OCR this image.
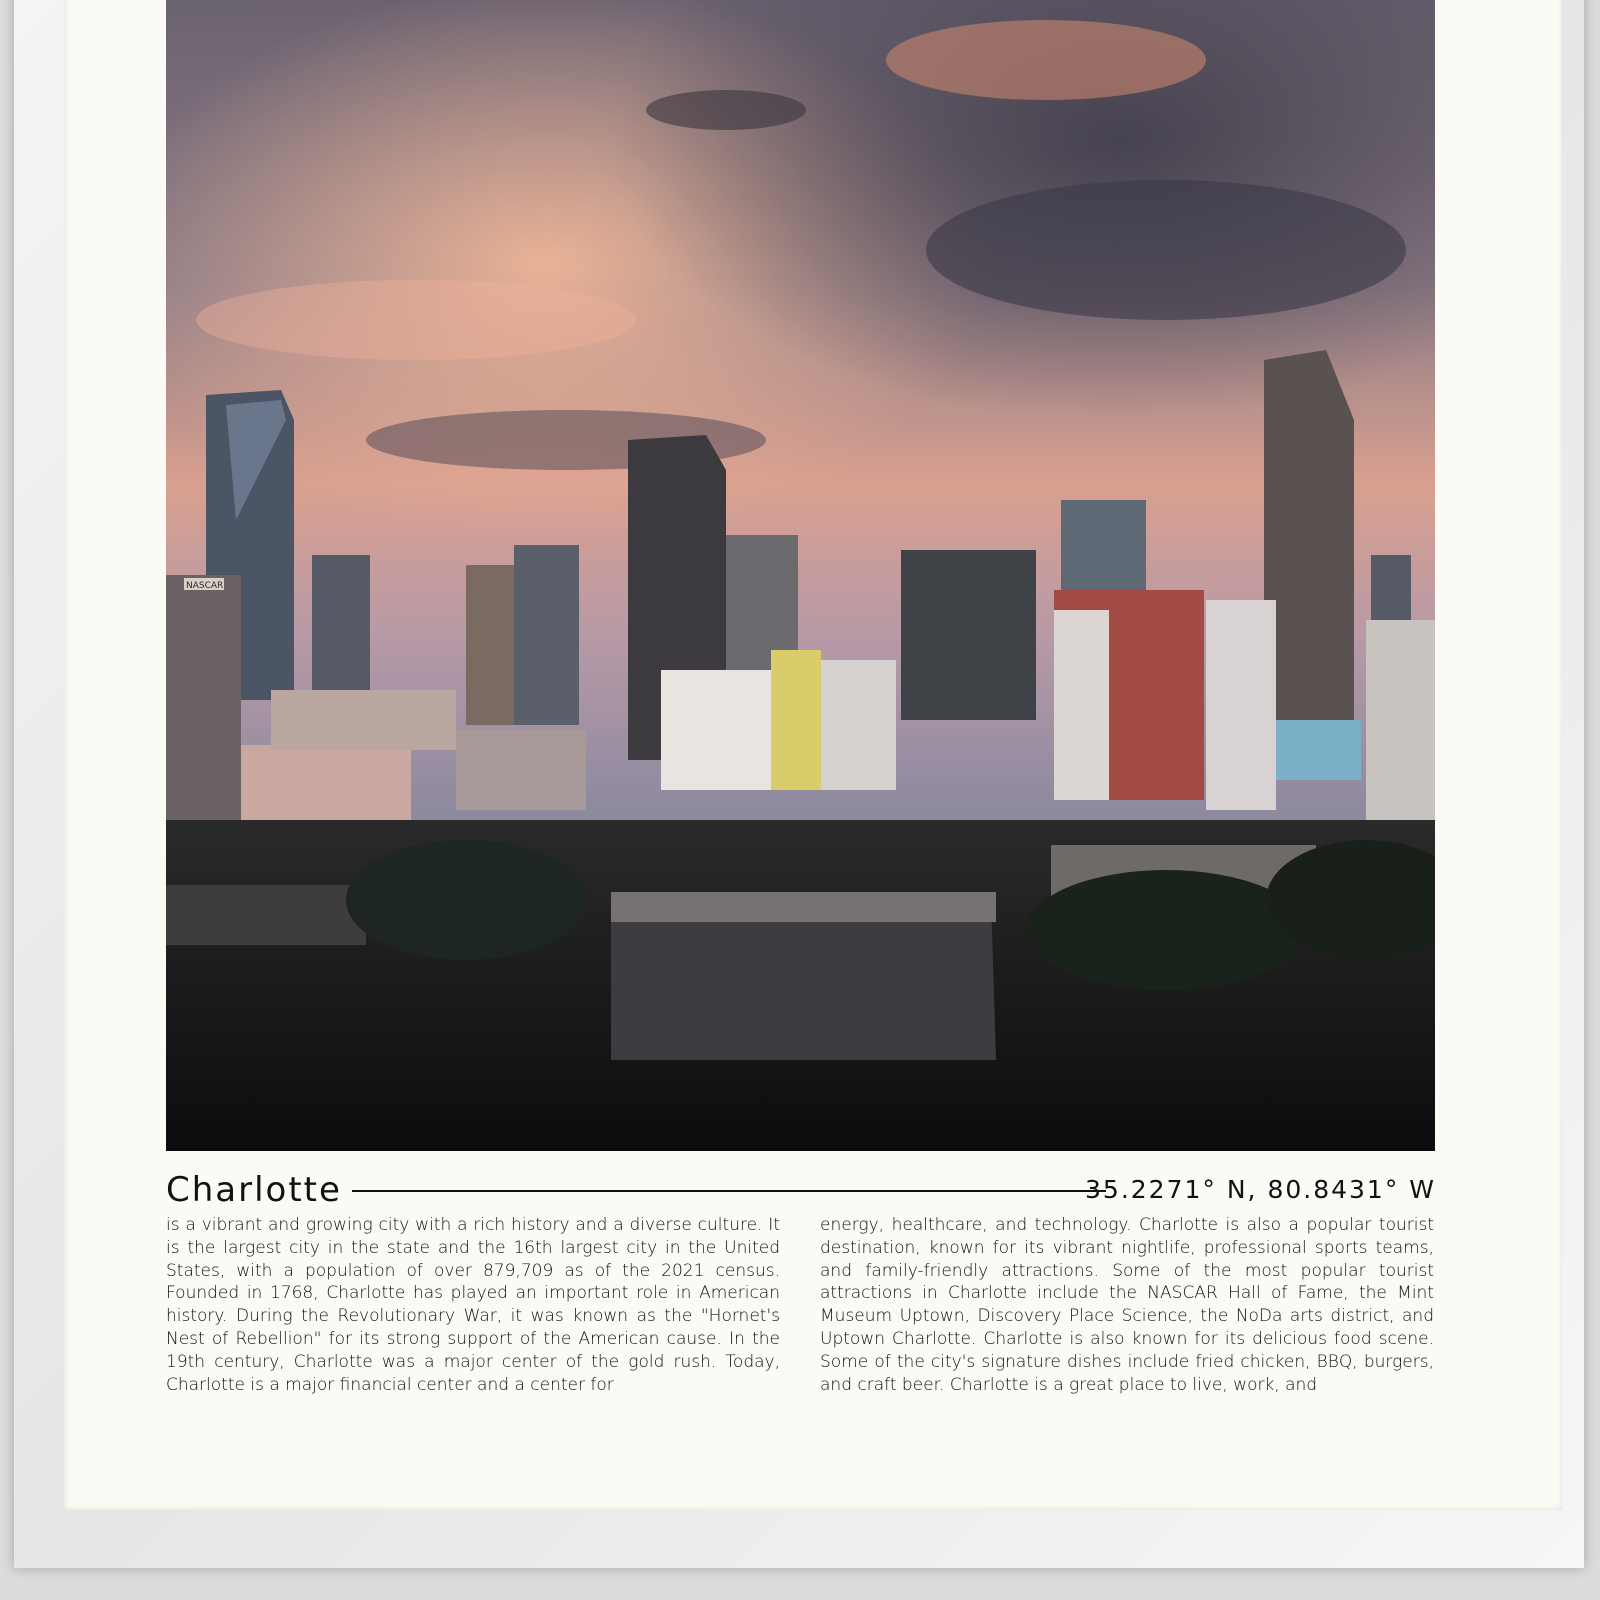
NASCAR
Charlotte	35.2271° N, 80.8431° W
is a vibrant and growing city with a rich history and a diverse culture. It is the largest city in the state and the 16th largest city in the United States, with a population of over 879,709 as of the 2021 census. Founded in 1768, Charlotte has played an important role in American history. During the Revolutionary War, it was known as the "Hornet's Nest of Rebellion" for its strong support of the American cause. In the 19th century, Charlotte was a major center of the gold rush. Today, Charlotte is a major financial center and a center for
energy, healthcare, and technology. Charlotte is also a popular tourist destination, known for its vibrant nightlife, professional sports teams, and family-friendly attractions. Some of the most popular tourist attractions in Charlotte include the NASCAR Hall of Fame, the Mint Museum Uptown, Discovery Place Science, the NoDa arts district, and Uptown Charlotte. Charlotte is also known for its delicious food scene. Some of the city's signature dishes include fried chicken, BBQ, burgers, and craft beer. Charlotte is a great place to live, work, and
